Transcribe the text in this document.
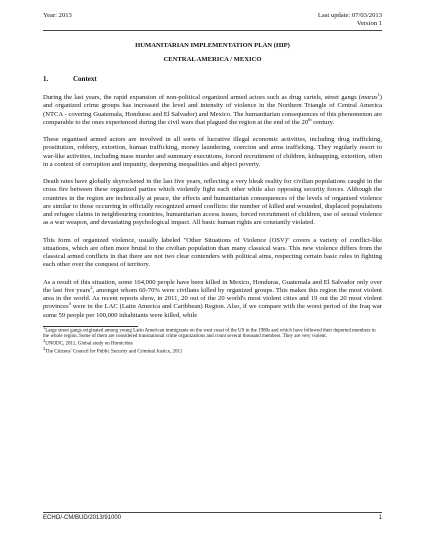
Year: 2013	Last update: 07/03/2013
Version 1
HUMANITARIAN IMPLEMENTATION PLAN (HIP)
CENTRAL AMERICA / MEXICO
1.	Context

During the last years, the rapid expansion of non-political organized armed actors such as drug cartels, street gangs (maras$^1$) and organized crime groups has increased the level and intensity of violence in the Northern Triangle of Central America (NTCA - covering Guatemala, Honduras and El Salvador) and Mexico. The humanitarian consequences of this phenomenon are comparable to the ones experienced during the civil wars that plagued the region at the end of the 20th century.

These organised armed actors are involved in all sorts of lucrative illegal economic activities, including drug trafficking, prostitution, robbery, extortion, human trafficking, money laundering, coercion and arms trafficking. They regularly resort to war-like activities, including mass murder and summary executions, forced recruitment of children, kidnapping, extortion, often in a context of corruption and impunity, deepening inequalities and abject poverty.

Death rates have globally skyrocketed in the last five years, reflecting a very bleak reality for civilian populations caught in the cross fire between these organized parties which violently fight each other while also opposing security forces. Although the countries in the region are technically at peace, the effects and humanitarian consequences of the levels of organised violence are similar to those occurring in officially recognized armed conflicts: the number of killed and wounded, displaced populations and refugee claims in neighbouring countries, humanitarian access issues, forced recruitment of children, use of sexual violence as a war weapon, and devastating psychological impact. All basic human rights are constantly violated.

This form of organized violence, usually labeled "Other Situations of Violence (OSV)" covers a variety of conflict-like situations, which are often more brutal to the civilian population than many classical wars. This new violence differs from the classical armed conflicts in that there are not two clear contenders with political aims, respecting certain basic rules in fighting each other over the conquest of territory.

As a result of this situation, some 164,000 people have been killed in Mexico, Honduras, Guatemala and El Salvador only over the last five years$^2$, amongst whom 60-70% were civilians killed by organized groups. This makes this region the most violent area in the world. As recent reports show, in 2011, 20 out of the 20 world's most violent cities and 19 out the 20 most violent provinces$^3$ were in the LAC (Latin America and Caribbean) Region. Also, if we compare with the worst period of the Iraq war some 59 people per 100,000 inhabitants were killed, while

$^1$Large street gangs originated among young Latin American immigrants on the west coast of the US in the 1980s and which have followed their deported members in the whole region. Some of them are considered transnational crime organizations and count several thousand members. They are very violent.
$^2$UNODC, 2011, Global study on Homicides
$^3$The Citizens' Council for Public Security and Criminal Justice, 2011
ECHO/-CM/BUD/2013/91000	1
